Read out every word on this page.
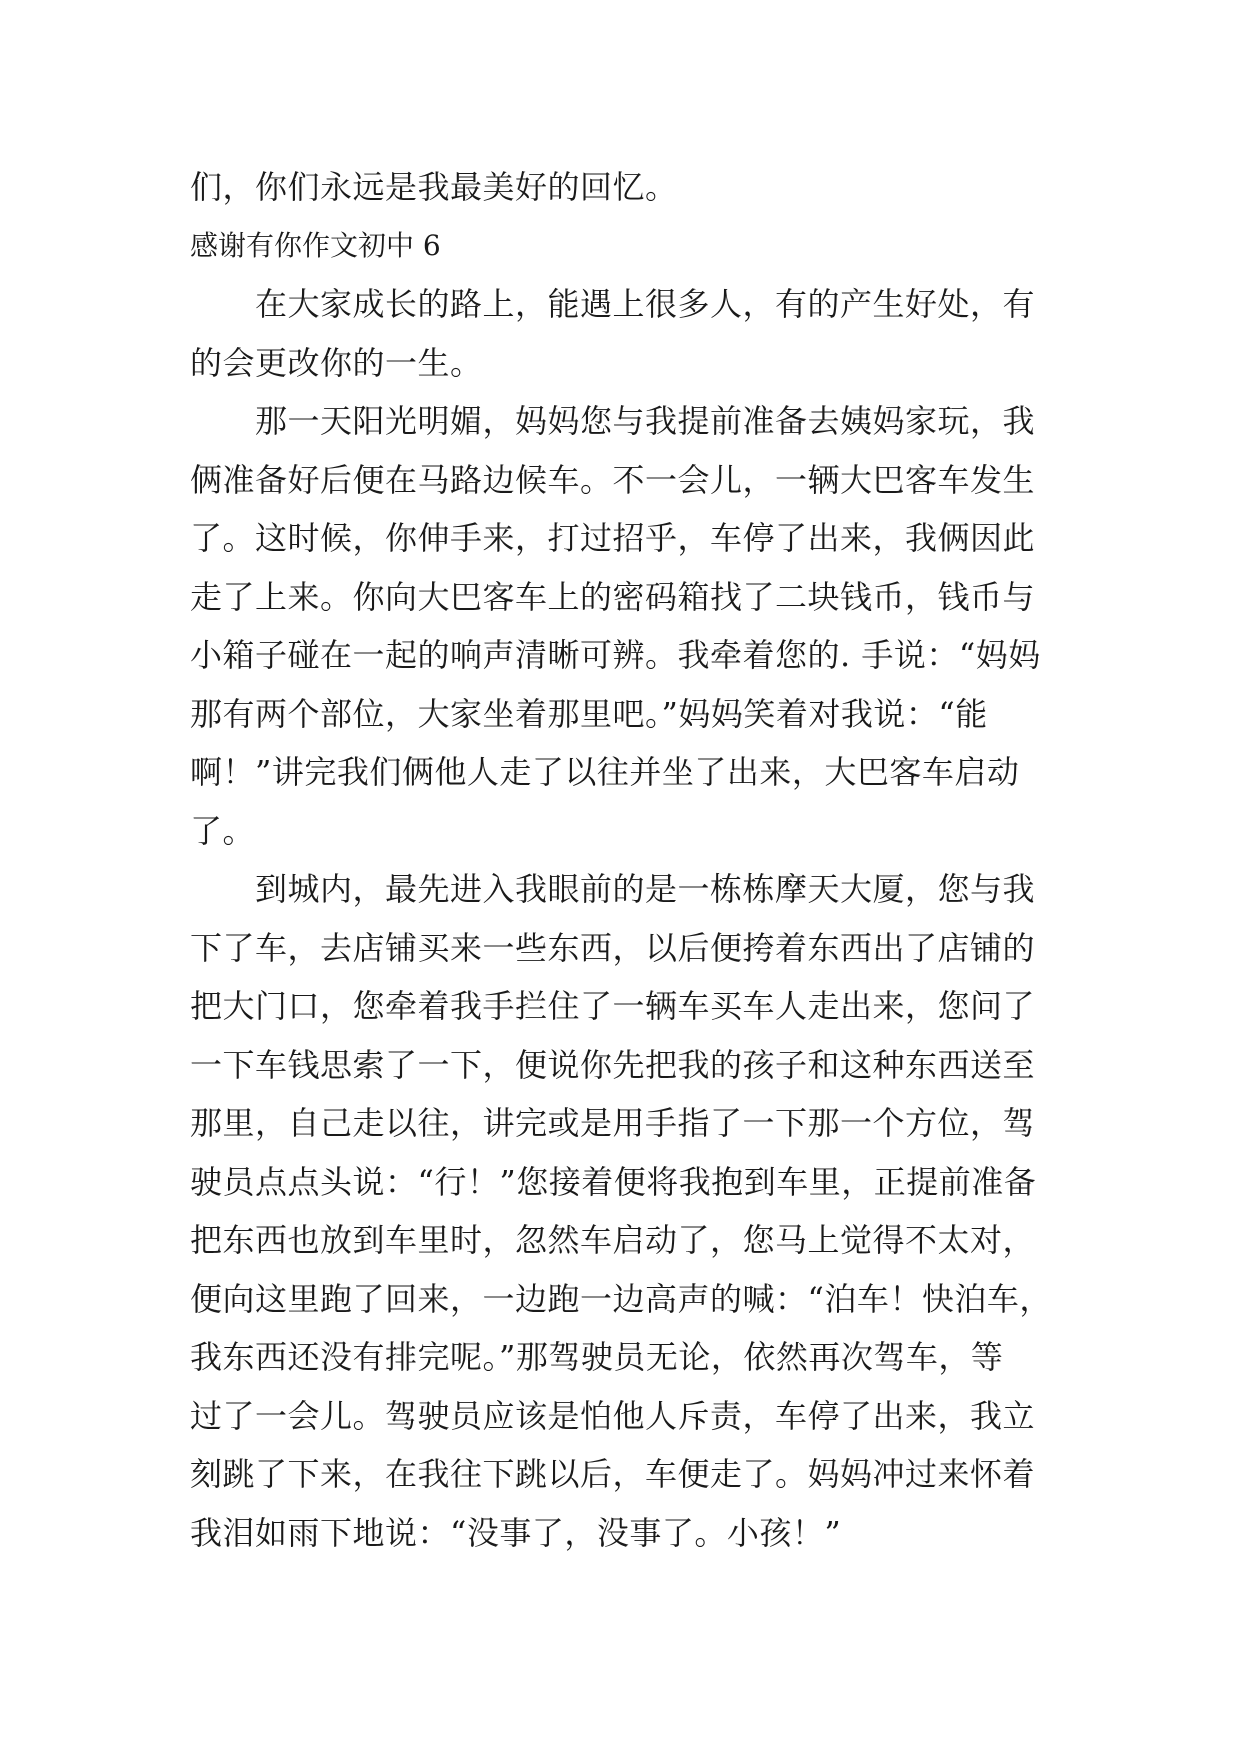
们，你们永远是我最美好的回忆。
感谢有你作文初中 6
　　在大家成长的路上，能遇上很多人，有的产生好处，有
的会更改你的一生。
　　那一天阳光明媚，妈妈您与我提前准备去姨妈家玩，我
俩准备好后便在马路边候车。不一会儿，一辆大巴客车发生
了。这时候，你伸手来，打过招乎，车停了出来，我俩因此
走了上来。你向大巴客车上的密码箱找了二块钱币，钱币与
小箱子碰在一起的响声清晰可辨。我牵着您的. 手说：“妈妈
那有两个部位，大家坐着那里吧。”妈妈笑着对我说：“能
啊！”讲完我们俩他人走了以往并坐了出来，大巴客车启动
了。
　　到城内，最先进入我眼前的是一栋栋摩天大厦，您与我
下了车，去店铺买来一些东西，以后便挎着东西出了店铺的
把大门口，您牵着我手拦住了一辆车买车人走出来，您问了
一下车钱思索了一下，便说你先把我的孩子和这种东西送至
那里，自己走以往，讲完或是用手指了一下那一个方位，驾
驶员点点头说：“行！”您接着便将我抱到车里，正提前准备
把东西也放到车里时，忽然车启动了，您马上觉得不太对，
便向这里跑了回来，一边跑一边高声的喊：“泊车！快泊车，
我东西还没有排完呢。”那驾驶员无论，依然再次驾车，等
过了一会儿。驾驶员应该是怕他人斥责，车停了出来，我立
刻跳了下来，在我往下跳以后，车便走了。妈妈冲过来怀着
我泪如雨下地说：“没事了，没事了。小孩！”
